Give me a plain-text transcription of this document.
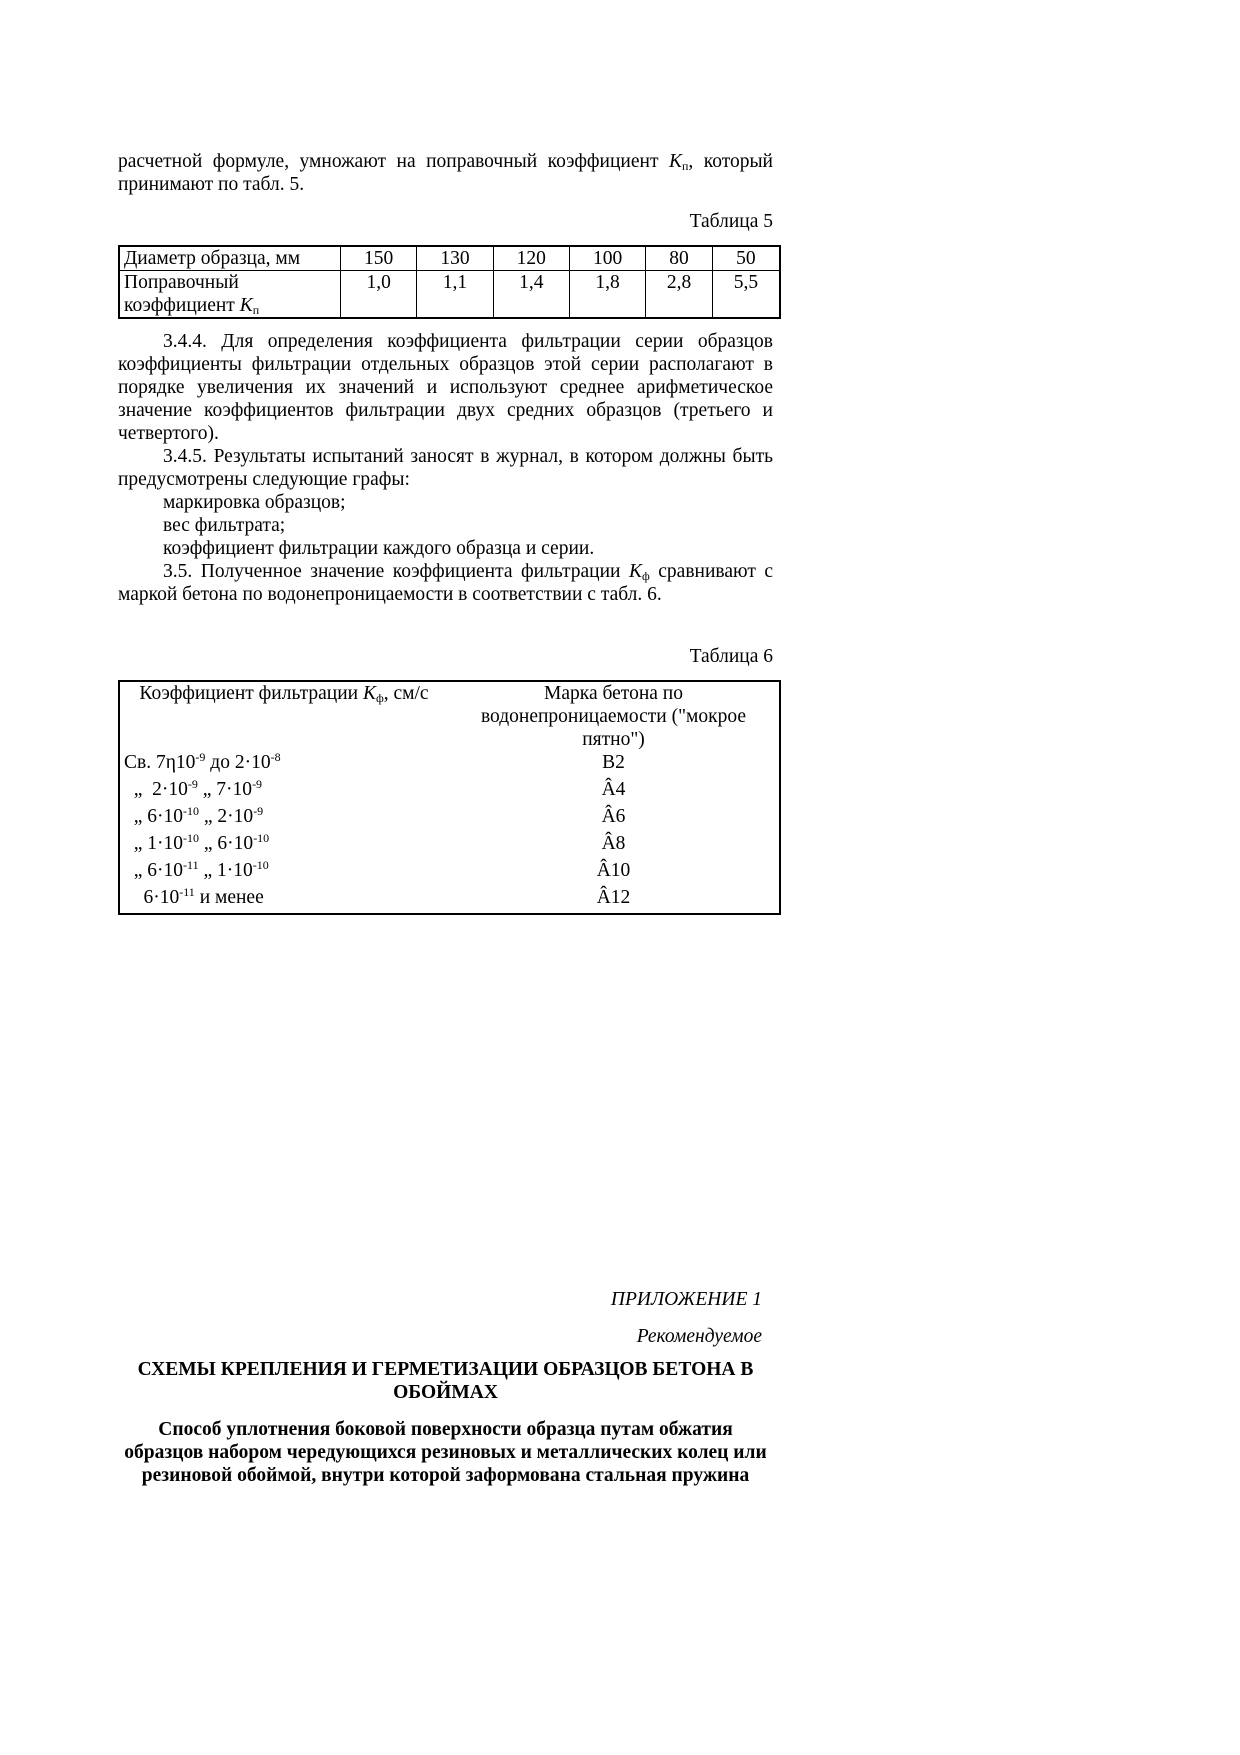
расчетной формуле, умножают на поправочный коэффициент $K_п$, который принимают по табл. 5.

Таблица 5

Диаметр образца, мм	150	130	120	100	80	50
Поправочный коэффициент $K_п$	1,0	1,1	1,4	1,8	2,8	5,5

3.4.4. Для определения коэффициента фильтрации серии образцов коэффициенты фильтрации отдельных образцов этой серии располагают в порядке увеличения их значений и используют среднее арифметическое значение коэффициентов фильтрации двух средних образцов (третьего и четвертого).

3.4.5. Результаты испытаний заносят в журнал, в котором должны быть предусмотрены следующие графы:

маркировка образцов;

вес фильтрата;

коэффициент фильтрации каждого образца и серии.

3.5. Полученное значение коэффициента фильтрации $K_ф$ сравнивают с маркой бетона по водонепроницаемости в соответствии с табл. 6.

Таблица 6

Коэффициент фильтрации $K_ф$, см/с	Марка бетона по водонепроницаемости ("мокрое пятно")
Св. $7\eta 10^{-9}$ до $2\cdot 10^{-8}$	В2
„  $2\cdot 10^{-9}$ „ $7\cdot 10^{-9}$	Â4
„ $6\cdot 10^{-10}$ „ $2\cdot 10^{-9}$	Â6
„ $1\cdot 10^{-10}$ „ $6\cdot 10^{-10}$	Â8
„ $6\cdot 10^{-11}$ „ $1\cdot 10^{-10}$	Â10
$6\cdot 10^{-11}$ и менее	Â12

ПРИЛОЖЕНИЕ 1

Рекомендуемое

СХЕМЫ КРЕПЛЕНИЯ И ГЕРМЕТИЗАЦИИ ОБРАЗЦОВ БЕТОНА В ОБОЙМАХ

Способ уплотнения боковой поверхности образца путам обжатия образцов набором чередующихся резиновых и металлических колец или резиновой обоймой, внутри которой заформована стальная пружина
